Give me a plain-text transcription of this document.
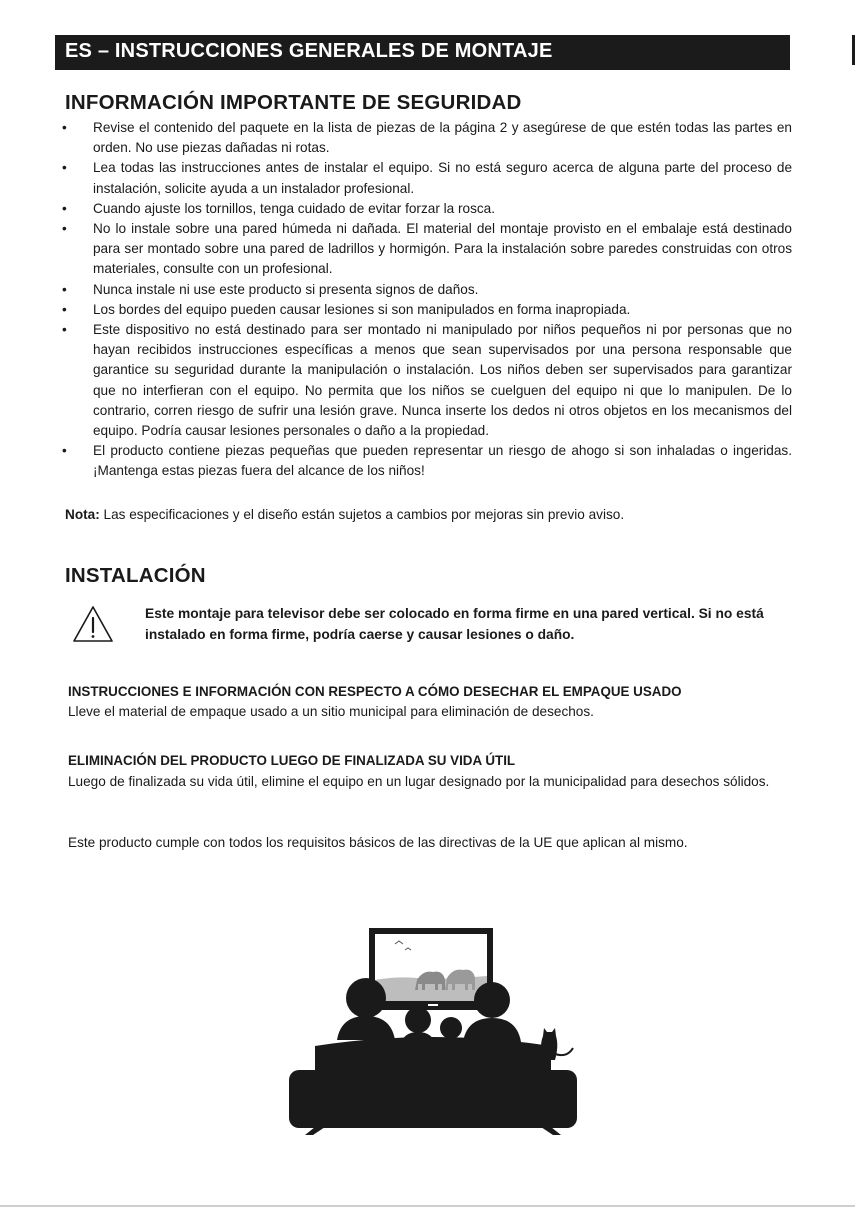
ES – INSTRUCCIONES GENERALES DE MONTAJE
INFORMACIÓN IMPORTANTE DE SEGURIDAD
• Revise el contenido del paquete en la lista de piezas de la página 2 y asegúrese de que estén todas las partes en orden. No use piezas dañadas ni rotas.
• Lea todas las instrucciones antes de instalar el equipo. Si no está seguro acerca de alguna parte del proceso de instalación, solicite ayuda a un instalador profesional.
• Cuando ajuste los tornillos, tenga cuidado de evitar forzar la rosca.
• No lo instale sobre una pared húmeda ni dañada. El material del montaje provisto en el embalaje está destinado para ser montado sobre una pared de ladrillos y hormigón. Para la instalación sobre paredes construidas con otros materiales, consulte con un profesional.
• Nunca instale ni use este producto si presenta signos de daños.
• Los bordes del equipo pueden causar lesiones si son manipulados en forma inapropiada.
• Este dispositivo no está destinado para ser montado ni manipulado por niños pequeños ni por personas que no hayan recibidos instrucciones específicas a menos que sean supervisados por una persona responsable que garantice su seguridad durante la manipulación o instalación. Los niños deben ser supervisados para garantizar que no interfieran con el equipo. No permita que los niños se cuelguen del equipo ni que lo manipulen. De lo contrario, corren riesgo de sufrir una lesión grave. Nunca inserte los dedos ni otros objetos en los mecanismos del equipo. Podría causar lesiones personales o daño a la propiedad.
• El producto contiene piezas pequeñas que pueden representar un riesgo de ahogo si son inhaladas o ingeridas. ¡Mantenga estas piezas fuera del alcance de los niños!
Nota: Las especificaciones y el diseño están sujetos a cambios por mejoras sin previo aviso.
INSTALACIÓN
Este montaje para televisor debe ser colocado en forma firme en una pared vertical. Si no está instalado en forma firme, podría caerse y causar lesiones o daño.
INSTRUCCIONES E INFORMACIÓN CON RESPECTO A CÓMO DESECHAR EL EMPAQUE USADO
Lleve el material de empaque usado a un sitio municipal para eliminación de desechos.
ELIMINACIÓN DEL PRODUCTO LUEGO DE FINALIZADA SU VIDA ÚTIL
Luego de finalizada su vida útil, elimine el equipo en un lugar designado por la municipalidad para desechos sólidos.
Este producto cumple con todos los requisitos básicos de las directivas de la UE que aplican al mismo.
